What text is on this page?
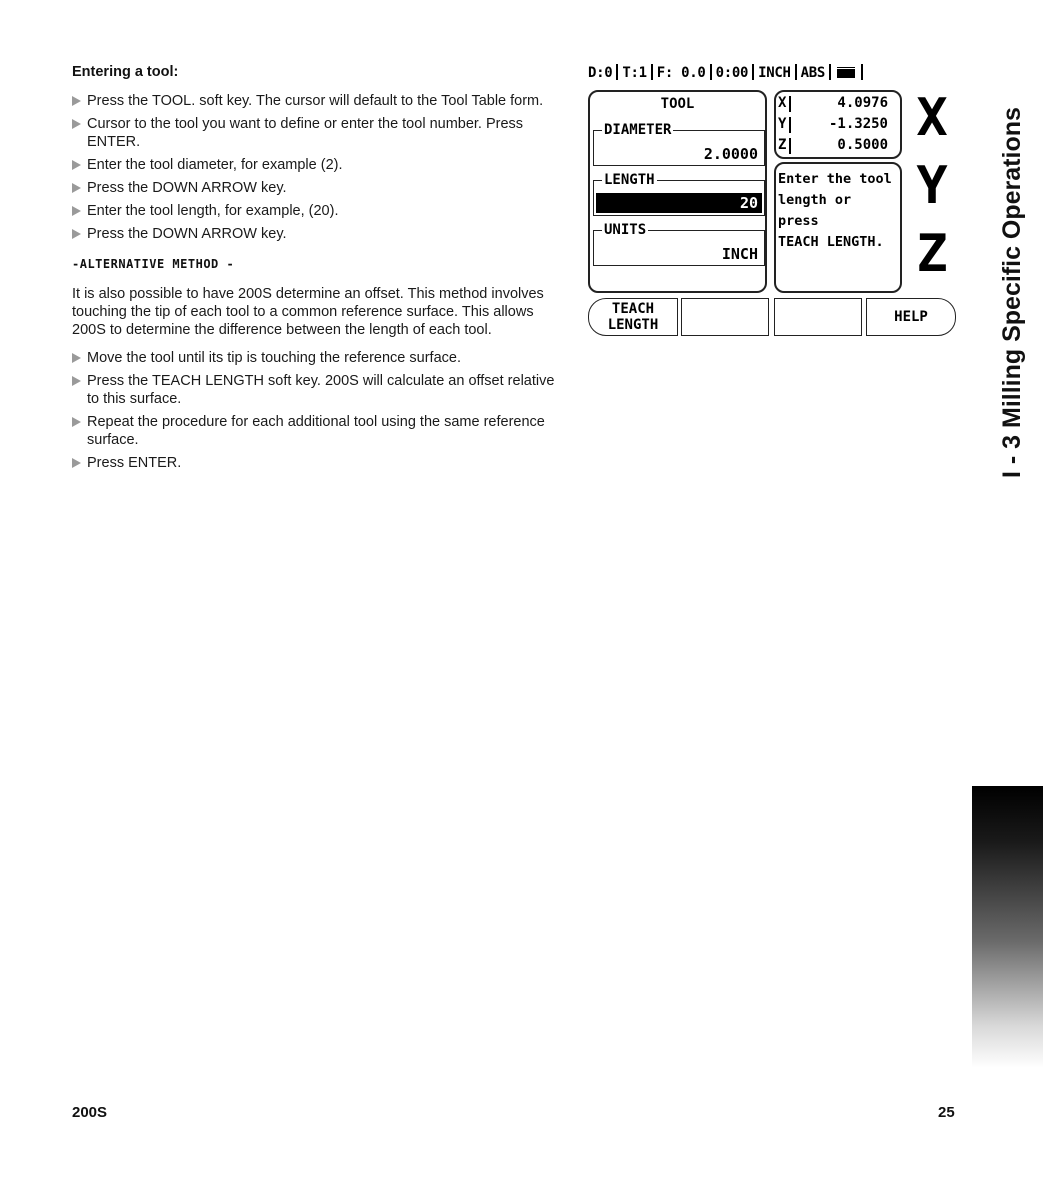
Entering a tool:
Press the TOOL. soft key. The cursor will default to the Tool Table form.
Cursor to the tool you want to define or enter the tool number. Press ENTER.
Enter the tool diameter, for example (2).
Press the DOWN ARROW key.
Enter the tool length, for example, (20).
Press the DOWN ARROW key.
-ALTERNATIVE METHOD -

It is also possible to have 200S determine an offset. This method involves touching the tip of each tool to a common reference surface. This allows 200S to determine the difference between the length of each tool.

Move the tool until its tip is touching the reference surface.
Press the TEACH LENGTH soft key. 200S will calculate an offset relative to this surface.
Repeat the procedure for each additional tool using the same reference surface.
Press ENTER.
D:0 T:1 F: 0.0 0:00 INCH ABS
TOOL
DIAMETER
2.0000
LENGTH
20
UNITS
INCH
X	4.0976
Y	-1.3250
Z	0.5000
Enter the tool
length or press
TEACH LENGTH.
X
Y
Z
TEACH
LENGTH	HELP	I - 3 Milling Specific Operations
200S	25
